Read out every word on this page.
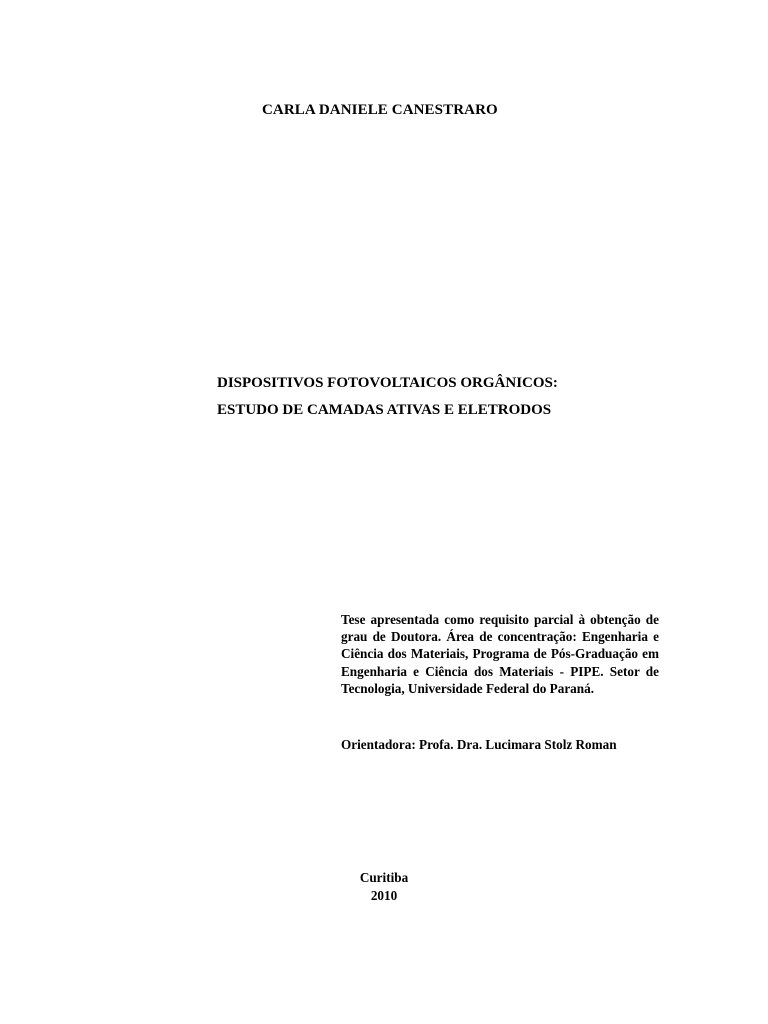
CARLA DANIELE CANESTRARO
DISPOSITIVOS FOTOVOLTAICOS ORGÂNICOS:
ESTUDO DE CAMADAS ATIVAS E ELETRODOS
Tese apresentada como requisito parcial à obtenção de grau de Doutora. Área de concentração: Engenharia e Ciência dos Materiais, Programa de Pós-Graduação em Engenharia e Ciência dos Materiais - PIPE. Setor de Tecnologia, Universidade Federal do Paraná.
Orientadora: Profa. Dra. Lucimara Stolz Roman
Curitiba
2010
